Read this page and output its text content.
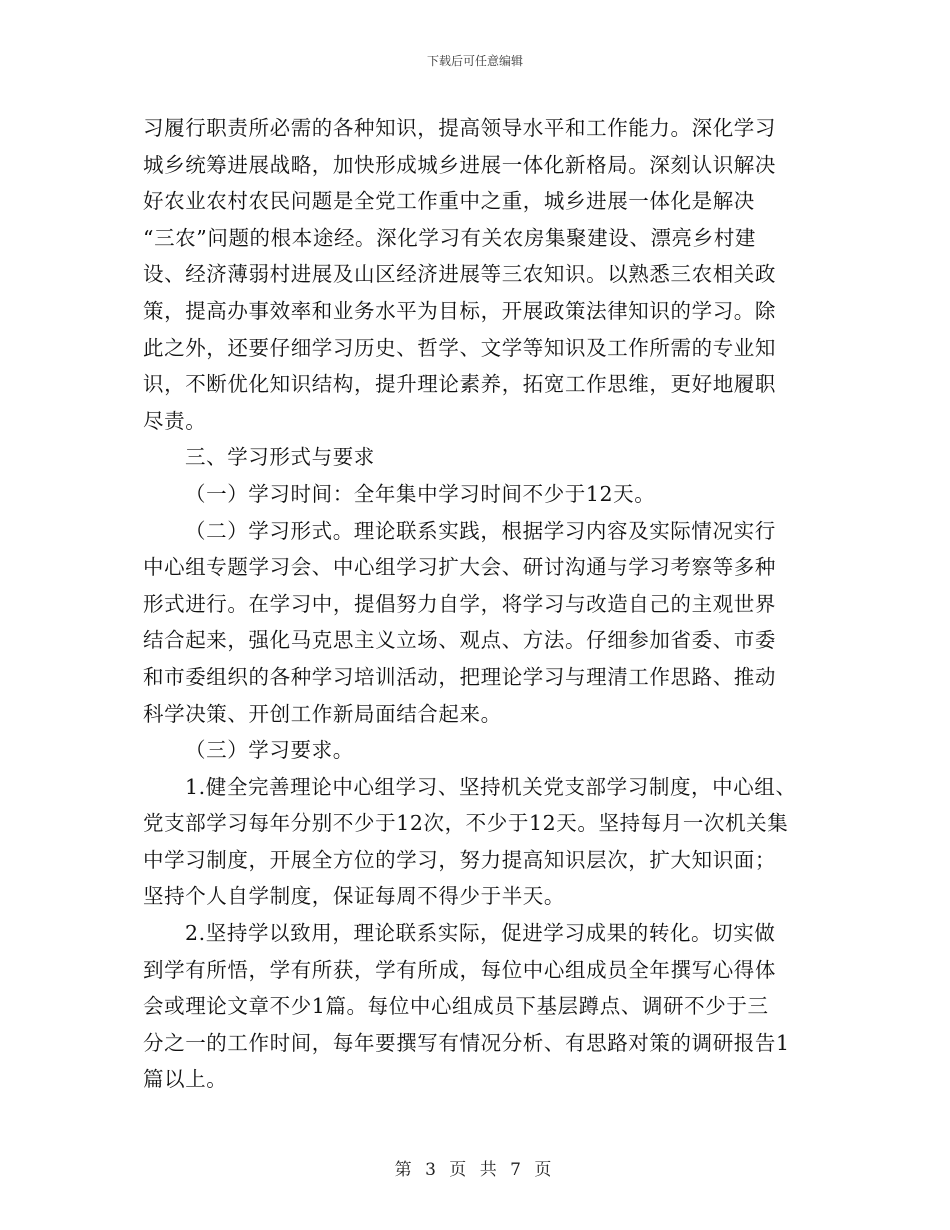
下载后可任意编辑
习履行职责所必需的各种知识，提高领导水平和工作能力。深化学习
城乡统筹进展战略，加快形成城乡进展一体化新格局。深刻认识解决
好农业农村农民问题是全党工作重中之重，城乡进展一体化是解决
“三农”问题的根本途经。深化学习有关农房集聚建设、漂亮乡村建
设、经济薄弱村进展及山区经济进展等三农知识。以熟悉三农相关政
策，提高办事效率和业务水平为目标，开展政策法律知识的学习。除
此之外，还要仔细学习历史、哲学、文学等知识及工作所需的专业知
识，不断优化知识结构，提升理论素养，拓宽工作思维，更好地履职
尽责。
三、学习形式与要求
（一）学习时间：全年集中学习时间不少于12天。
（二）学习形式。理论联系实践，根据学习内容及实际情况实行
中心组专题学习会、中心组学习扩大会、研讨沟通与学习考察等多种
形式进行。在学习中，提倡努力自学，将学习与改造自己的主观世界
结合起来，强化马克思主义立场、观点、方法。仔细参加省委、市委
和市委组织的各种学习培训活动，把理论学习与理清工作思路、推动
科学决策、开创工作新局面结合起来。
（三）学习要求。
1.健全完善理论中心组学习、坚持机关党支部学习制度，中心组、
党支部学习每年分别不少于12次，不少于12天。坚持每月一次机关集
中学习制度，开展全方位的学习，努力提高知识层次，扩大知识面；
坚持个人自学制度，保证每周不得少于半天。
2.坚持学以致用，理论联系实际，促进学习成果的转化。切实做
到学有所悟，学有所获，学有所成，每位中心组成员全年撰写心得体
会或理论文章不少1篇。每位中心组成员下基层蹲点、调研不少于三
分之一的工作时间，每年要撰写有情况分析、有思路对策的调研报告1
篇以上。
第 3 页 共 7 页
